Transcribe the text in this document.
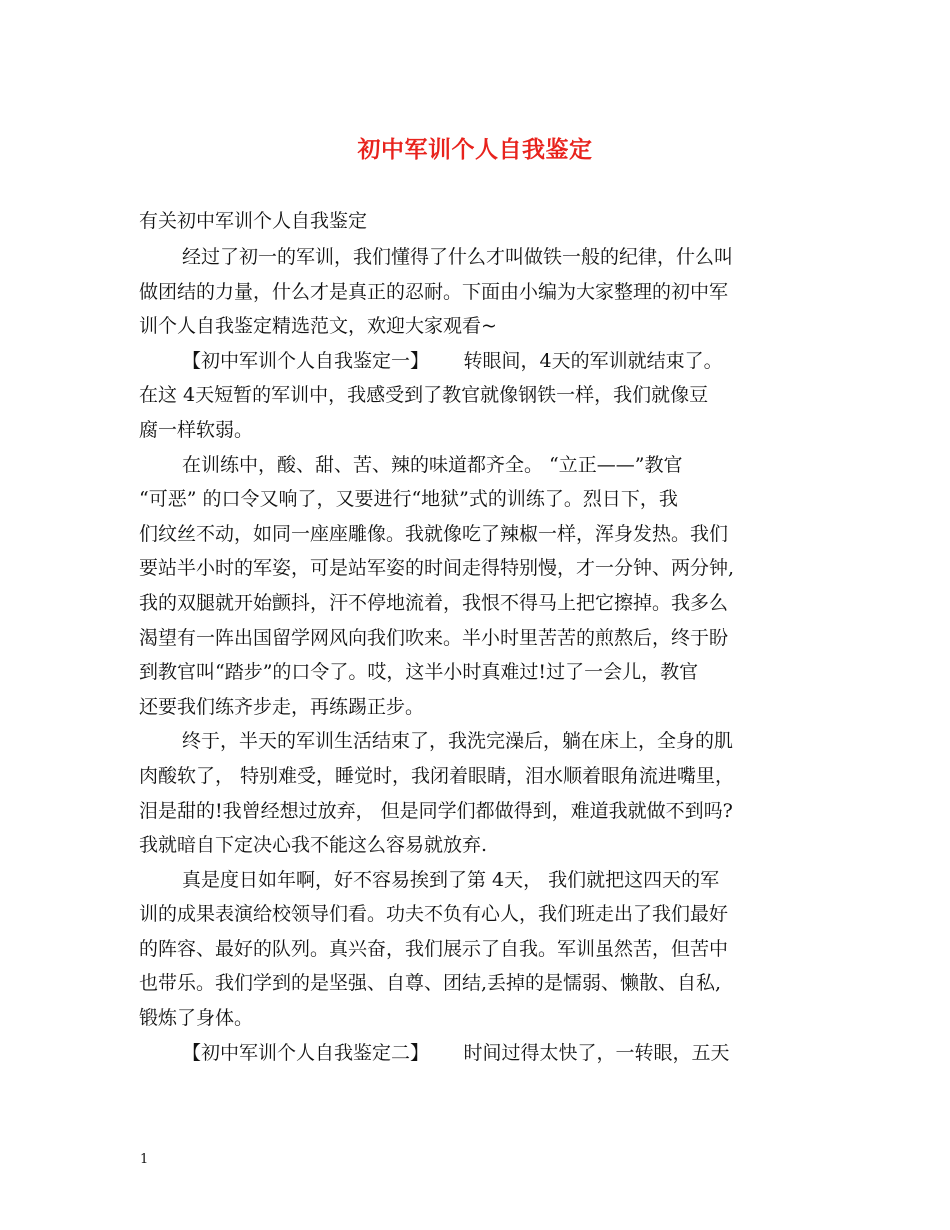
初中军训个人自我鉴定
有关初中军训个人自我鉴定
经过了初一的军训，我们懂得了什么才叫做铁一般的纪律，什么叫
做团结的力量，什么才是真正的忍耐。下面由小编为大家整理的初中军
训个人自我鉴定精选范文，欢迎大家观看~
【初中军训个人自我鉴定一】　　 转眼间，4天的军训就结束了。
在这 4天短暂的军训中，我感受到了教官就像钢铁一样，我们就像豆
腐一样软弱。
在训练中，酸、甜、苦、辣的味道都齐全。 “立正——”教官
“可恶” 的口令又响了，又要进行“地狱”式的训练了。烈日下，我
们纹丝不动，如同一座座雕像。我就像吃了辣椒一样，浑身发热。我们
要站半小时的军姿，可是站军姿的时间走得特别慢，才一分钟、两分钟,
我的双腿就开始颤抖，汗不停地流着，我恨不得马上把它擦掉。我多么
渴望有一阵出国留学网风向我们吹来。半小时里苦苦的煎熬后，终于盼
到教官叫“踏步”的口令了。哎，这半小时真难过!过了一会儿，教官
还要我们练齐步走，再练踢正步。
终于，半天的军训生活结束了，我洗完澡后，躺在床上，全身的肌
肉酸软了， 特别难受，睡觉时，我闭着眼睛，泪水顺着眼角流进嘴里，
泪是甜的!我曾经想过放弃， 但是同学们都做得到，难道我就做不到吗?
我就暗自下定决心我不能这么容易就放弃.
真是度日如年啊，好不容易挨到了第 4天， 我们就把这四天的军
训的成果表演给校领导们看。功夫不负有心人，我们班走出了我们最好
的阵容、最好的队列。真兴奋，我们展示了自我。军训虽然苦，但苦中
也带乐。我们学到的是坚强、自尊、团结,丢掉的是懦弱、懒散、自私,
锻炼了身体。
【初中军训个人自我鉴定二】　　 时间过得太快了，一转眼，五天
1
